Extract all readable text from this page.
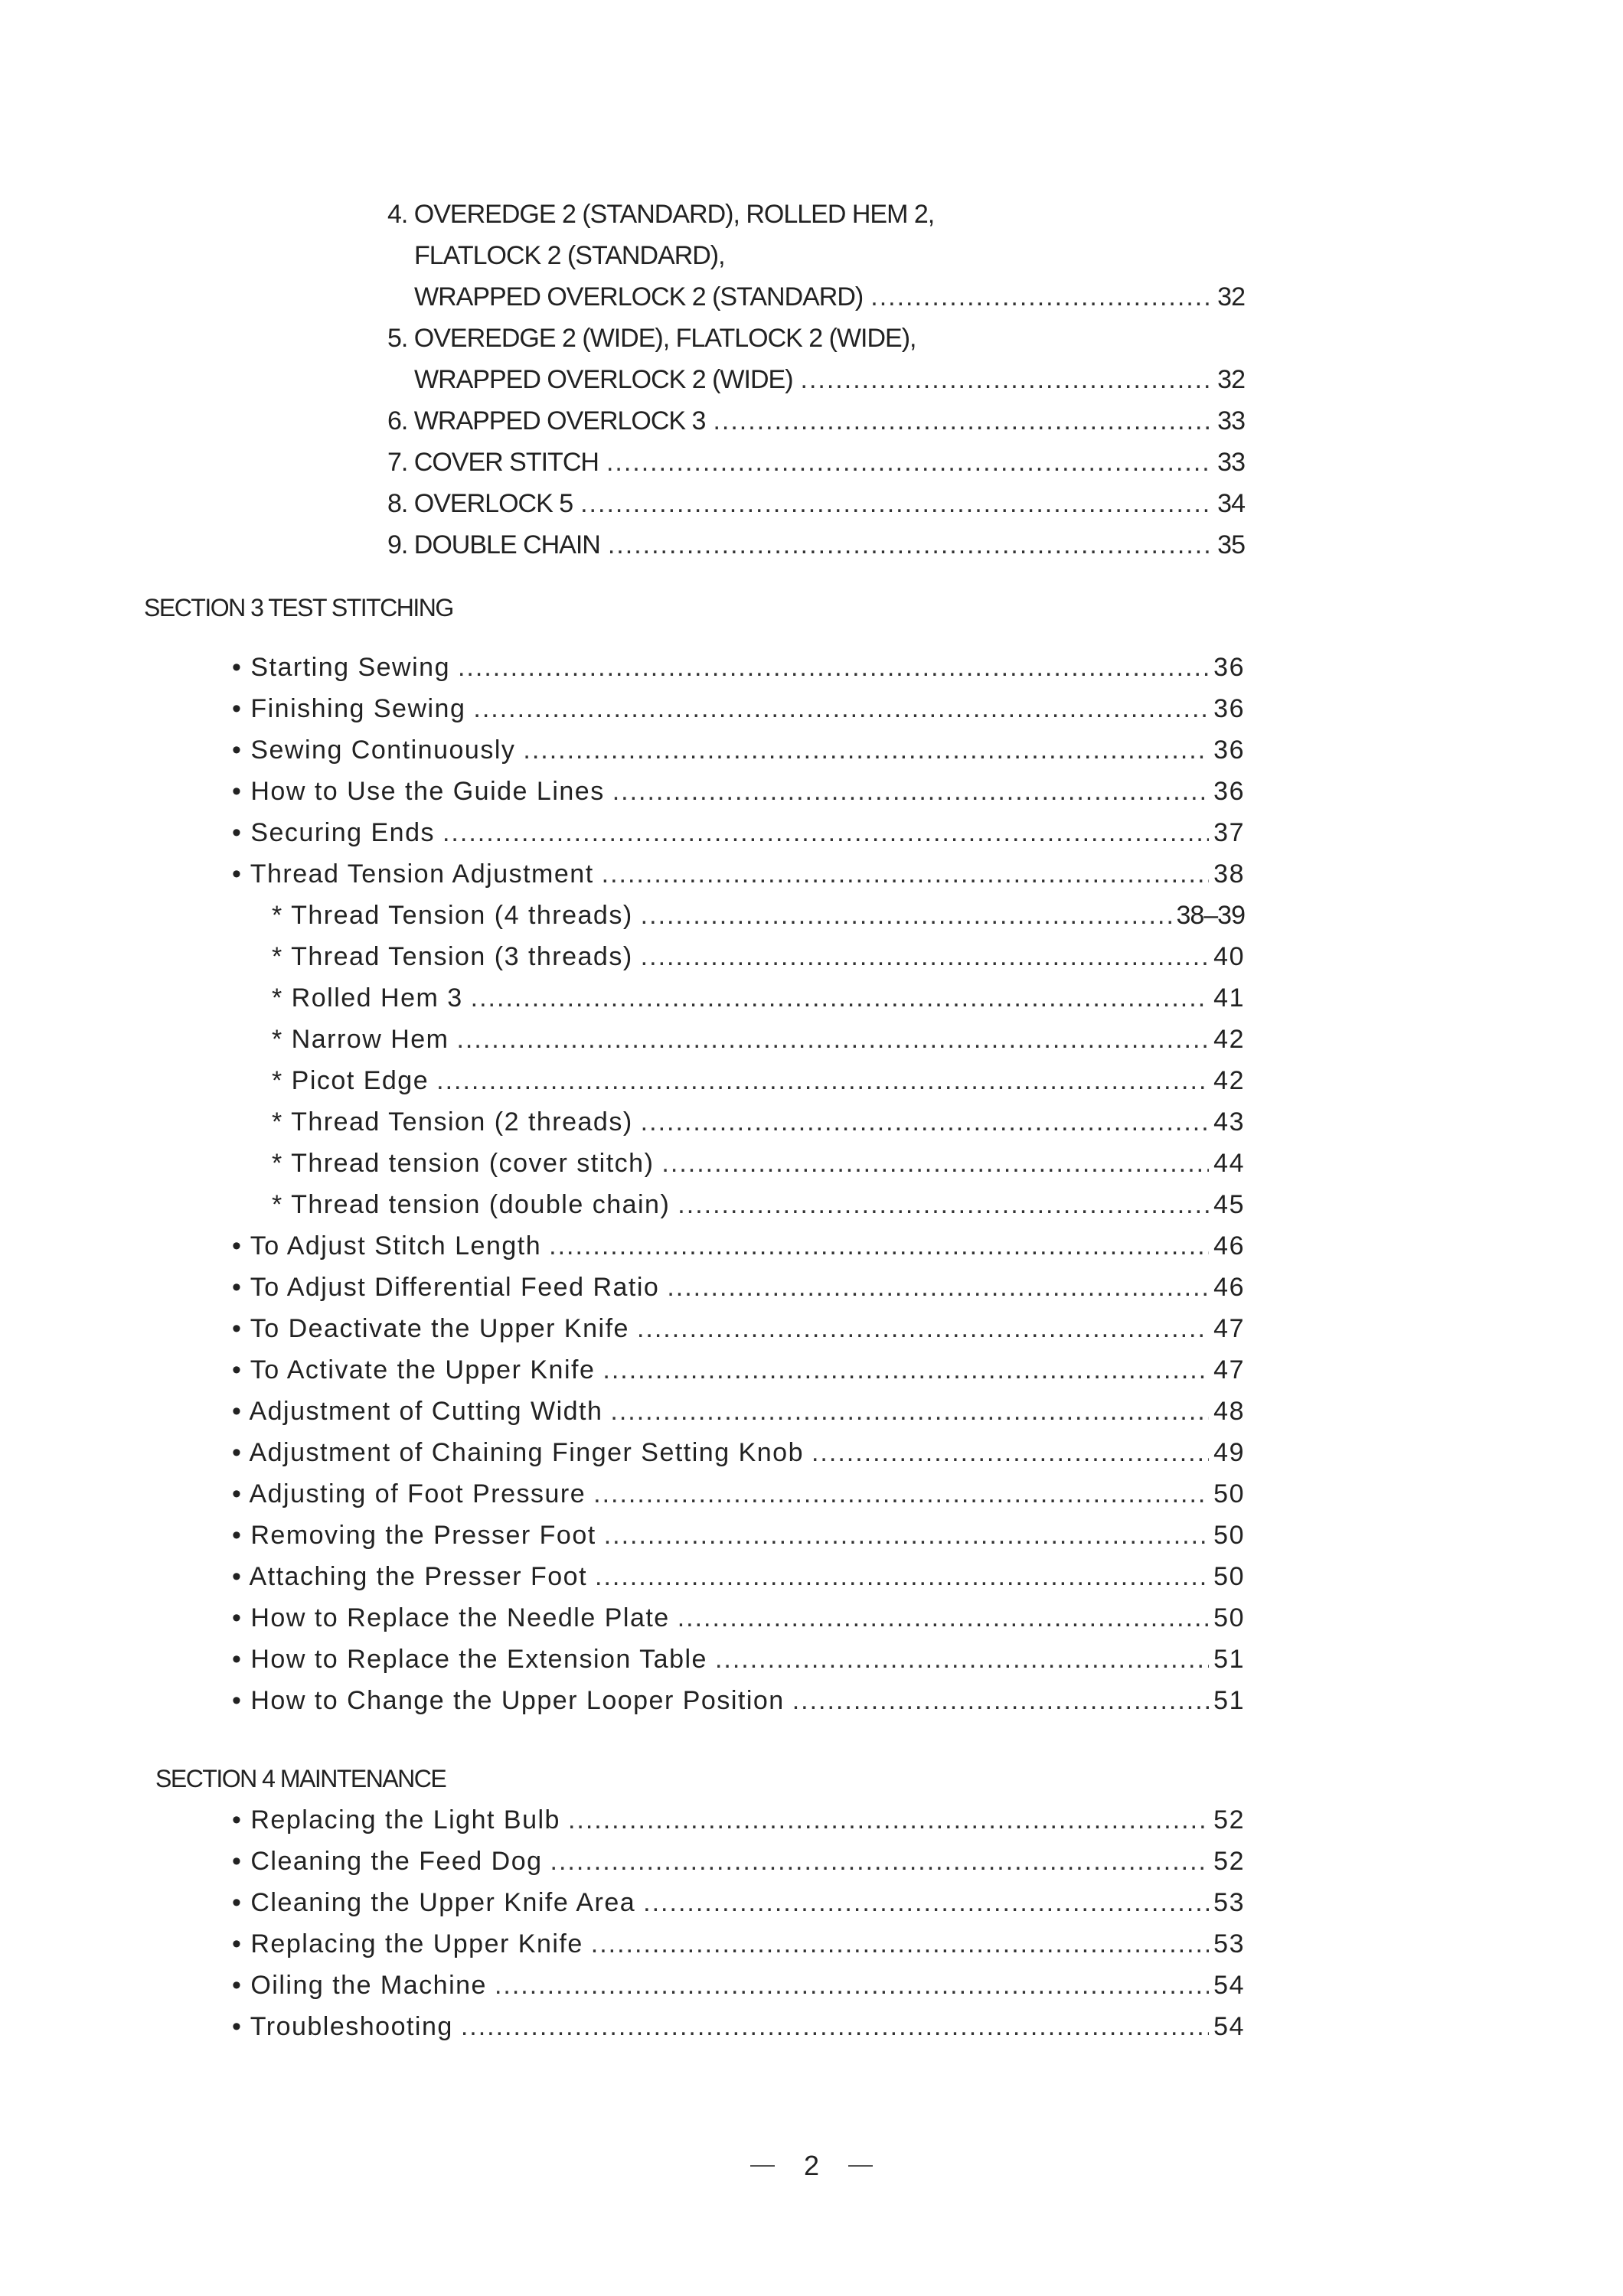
4. OVEREDGE 2 (STANDARD), ROLLED HEM 2,
FLATLOCK 2 (STANDARD),
WRAPPED OVERLOCK 2 (STANDARD) .....	32
5. OVEREDGE 2 (WIDE), FLATLOCK 2 (WIDE),
WRAPPED OVERLOCK 2 (WIDE) .....	32
6. WRAPPED OVERLOCK 3 .....	33
7. COVER STITCH .....	33
8. OVERLOCK 5 .....	34
9. DOUBLE CHAIN .....	35
SECTION 3 TEST STITCHING
• Starting Sewing .....	36
• Finishing Sewing .....	36
• Sewing Continuously .....	36
• How to Use the Guide Lines .....	36
• Securing Ends .....	37
• Thread Tension Adjustment .....	38
* Thread Tension (4 threads) .....	38–39
* Thread Tension (3 threads) .....	40
* Rolled Hem 3 .....	41
* Narrow Hem .....	42
* Picot Edge .....	42
* Thread Tension (2 threads) .....	43
* Thread tension (cover stitch) .....	44
* Thread tension (double chain) .....	45
• To Adjust Stitch Length .....	46
• To Adjust Differential Feed Ratio .....	46
• To Deactivate the Upper Knife .....	47
• To Activate the Upper Knife .....	47
• Adjustment of Cutting Width .....	48
• Adjustment of Chaining Finger Setting Knob .....	49
• Adjusting of Foot Pressure .....	50
• Removing the Presser Foot .....	50
• Attaching the Presser Foot .....	50
• How to Replace the Needle Plate .....	50
• How to Replace the Extension Table .....	51
• How to Change the Upper Looper Position .....	51
SECTION 4 MAINTENANCE
• Replacing the Light Bulb .....	52
• Cleaning the Feed Dog .....	52
• Cleaning the Upper Knife Area .....	53
• Replacing the Upper Knife .....	53
• Oiling the Machine .....	54
• Troubleshooting .....	54
2
